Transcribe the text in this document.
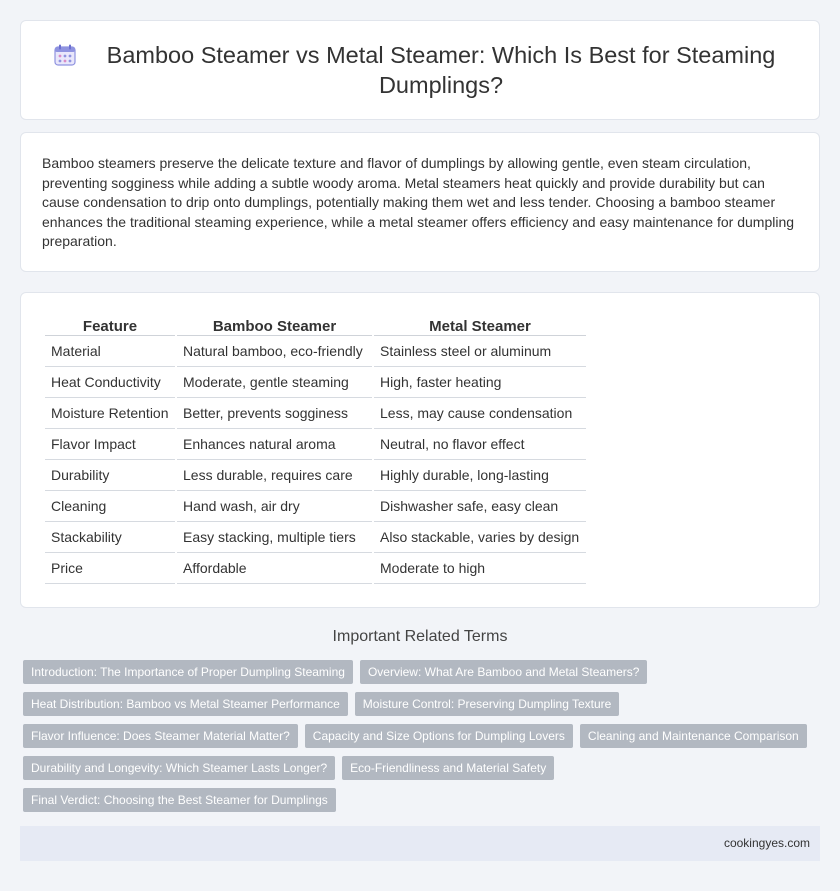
Bamboo Steamer vs Metal Steamer: Which Is Best for Steaming Dumplings?

Bamboo steamers preserve the delicate texture and flavor of dumplings by allowing gentle, even steam circulation, preventing sogginess while adding a subtle woody aroma. Metal steamers heat quickly and provide durability but can cause condensation to drip onto dumplings, potentially making them wet and less tender. Choosing a bamboo steamer enhances the traditional steaming experience, while a metal steamer offers efficiency and easy maintenance for dumpling preparation.

Feature	Bamboo Steamer	Metal Steamer
Material	Natural bamboo, eco-friendly	Stainless steel or aluminum
Heat Conductivity	Moderate, gentle steaming	High, faster heating
Moisture Retention	Better, prevents sogginess	Less, may cause condensation
Flavor Impact	Enhances natural aroma	Neutral, no flavor effect
Durability	Less durable, requires care	Highly durable, long-lasting
Cleaning	Hand wash, air dry	Dishwasher safe, easy clean
Stackability	Easy stacking, multiple tiers	Also stackable, varies by design
Price	Affordable	Moderate to high
Important Related Terms
Introduction: The Importance of Proper Dumpling Steaming	Overview: What Are Bamboo and Metal Steamers?
Heat Distribution: Bamboo vs Metal Steamer Performance	Moisture Control: Preserving Dumpling Texture
Flavor Influence: Does Steamer Material Matter?	Capacity and Size Options for Dumpling Lovers	Cleaning and Maintenance Comparison
Durability and Longevity: Which Steamer Lasts Longer?	Eco-Friendliness and Material Safety
Final Verdict: Choosing the Best Steamer for Dumplings
cookingyes.com
